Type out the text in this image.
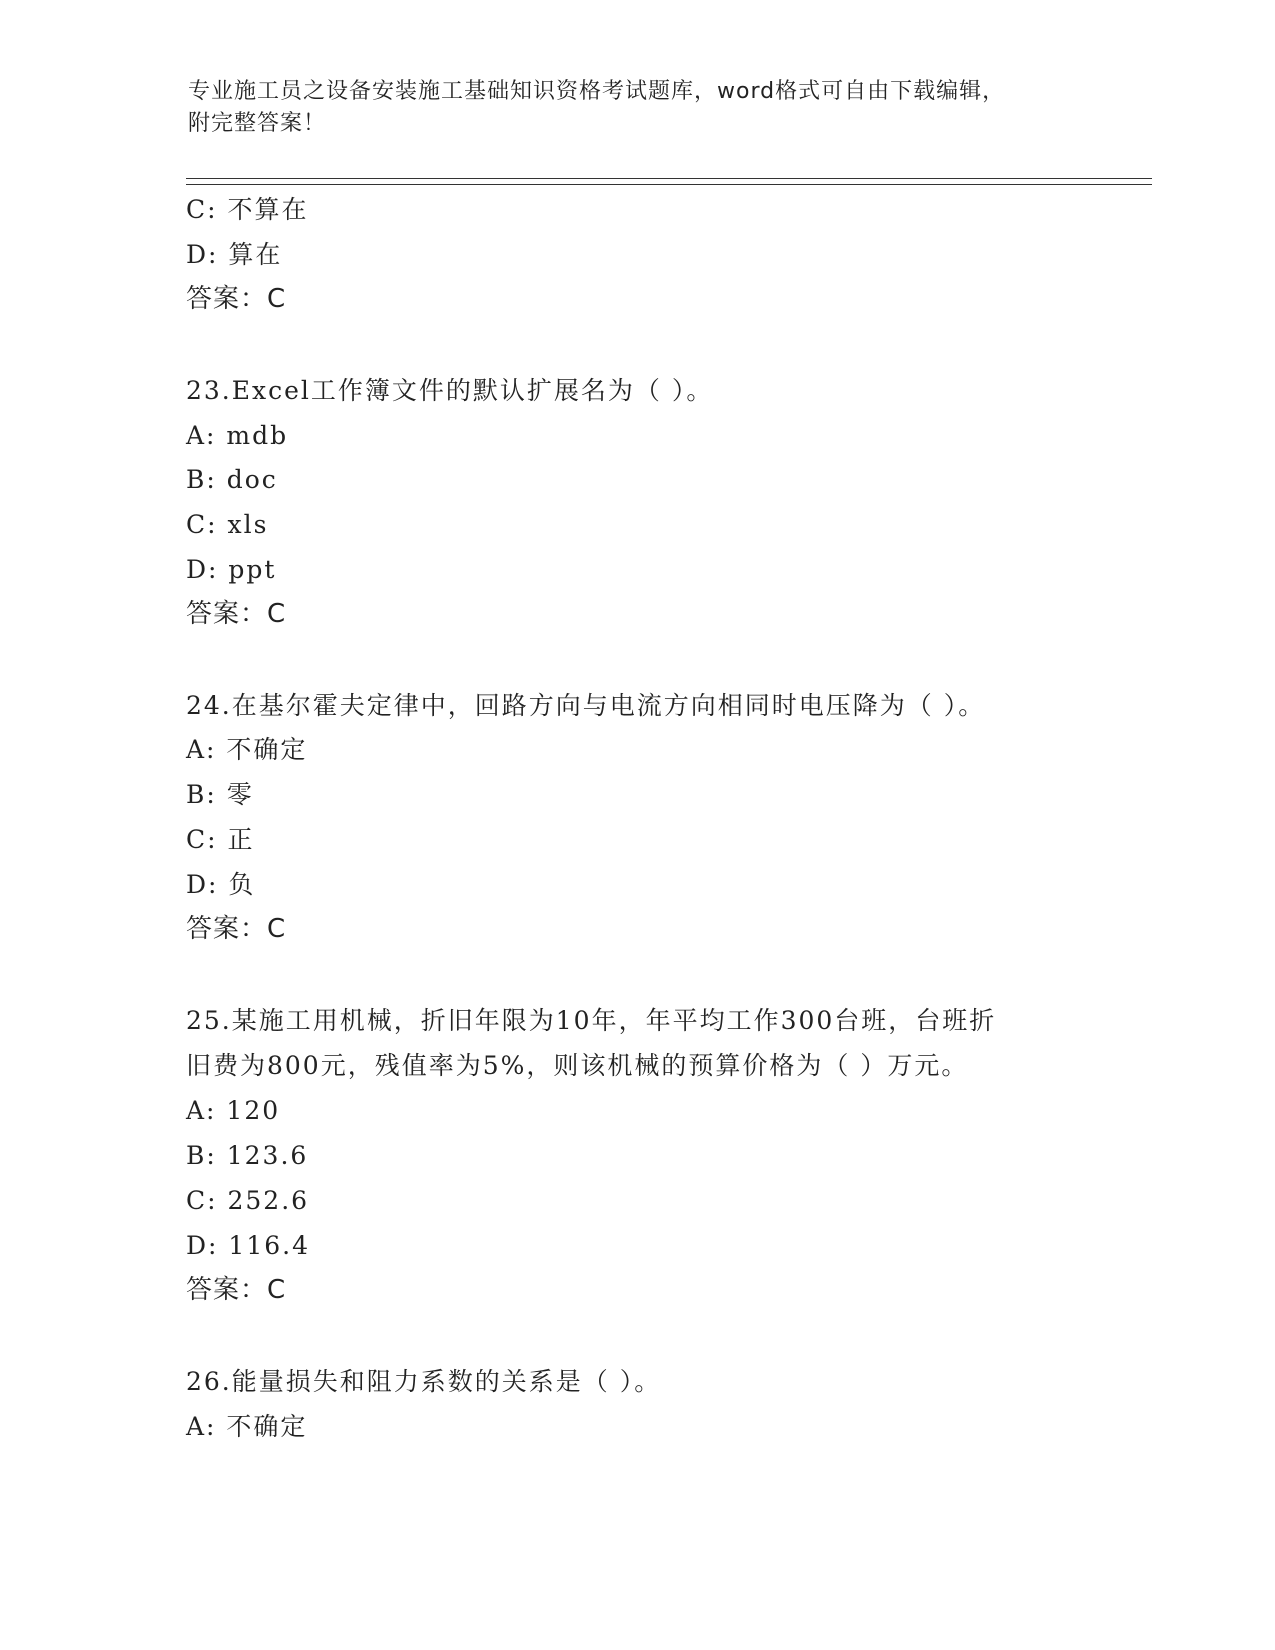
专业施工员之设备安装施工基础知识资格考试题库，word格式可自由下载编辑，
附完整答案！

C: 不算在

D: 算在

答案：C

23.Excel工作簿文件的默认扩展名为（ ）。

A: mdb

B: doc

C: xls

D: ppt

答案：C

24.在基尔霍夫定律中，回路方向与电流方向相同时电压降为（ ）。

A: 不确定

B: 零

C: 正

D: 负

答案：C

25.某施工用机械，折旧年限为10年，年平均工作300台班，台班折

旧费为800元，残值率为5%，则该机械的预算价格为（ ）万元。

A: 120

B: 123.6

C: 252.6

D: 116.4

答案：C

26.能量损失和阻力系数的关系是（ ）。

A: 不确定
